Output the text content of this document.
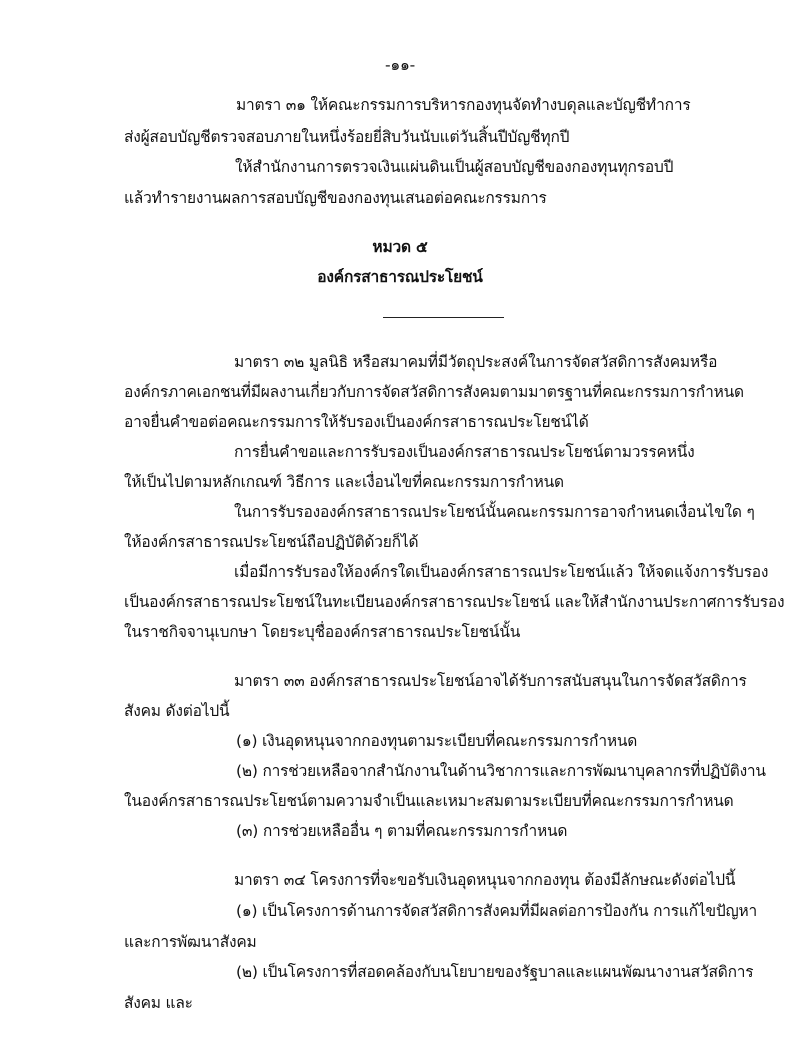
-๑๑-
มาตรา ๓๑ ให้คณะกรรมการบริหารกองทุนจัดทำงบดุลและบัญชีทำการ
ส่งผู้สอบบัญชีตรวจสอบภายในหนึ่งร้อยยี่สิบวันนับแต่วันสิ้นปีบัญชีทุกปี
ให้สำนักงานการตรวจเงินแผ่นดินเป็นผู้สอบบัญชีของกองทุนทุกรอบปี
แล้วทำรายงานผลการสอบบัญชีของกองทุนเสนอต่อคณะกรรมการ
หมวด ๕
องค์กรสาธารณประโยชน์
มาตรา ๓๒ มูลนิธิ หรือสมาคมที่มีวัตถุประสงค์ในการจัดสวัสดิการสังคมหรือ
องค์กรภาคเอกชนที่มีผลงานเกี่ยวกับการจัดสวัสดิการสังคมตามมาตรฐานที่คณะกรรมการกำหนด
อาจยื่นคำขอต่อคณะกรรมการให้รับรองเป็นองค์กรสาธารณประโยชน์ได้
การยื่นคำขอและการรับรองเป็นองค์กรสาธารณประโยชน์ตามวรรคหนึ่ง
ให้เป็นไปตามหลักเกณฑ์ วิธีการ และเงื่อนไขที่คณะกรรมการกำหนด
ในการรับรององค์กรสาธารณประโยชน์นั้นคณะกรรมการอาจกำหนดเงื่อนไขใด ๆ
ให้องค์กรสาธารณประโยชน์ถือปฏิบัติด้วยก็ได้
เมื่อมีการรับรองให้องค์กรใดเป็นองค์กรสาธารณประโยชน์แล้ว ให้จดแจ้งการรับรอง
เป็นองค์กรสาธารณประโยชน์ในทะเบียนองค์กรสาธารณประโยชน์ และให้สำนักงานประกาศการรับรอง
ในราชกิจจานุเบกษา โดยระบุชื่อองค์กรสาธารณประโยชน์นั้น
มาตรา ๓๓ องค์กรสาธารณประโยชน์อาจได้รับการสนับสนุนในการจัดสวัสดิการ
สังคม ดังต่อไปนี้
(๑) เงินอุดหนุนจากกองทุนตามระเบียบที่คณะกรรมการกำหนด
(๒) การช่วยเหลือจากสำนักงานในด้านวิชาการและการพัฒนาบุคลากรที่ปฏิบัติงาน
ในองค์กรสาธารณประโยชน์ตามความจำเป็นและเหมาะสมตามระเบียบที่คณะกรรมการกำหนด
(๓) การช่วยเหลืออื่น ๆ ตามที่คณะกรรมการกำหนด
มาตรา ๓๔ โครงการที่จะขอรับเงินอุดหนุนจากกองทุน ต้องมีลักษณะดังต่อไปนี้
(๑) เป็นโครงการด้านการจัดสวัสดิการสังคมที่มีผลต่อการป้องกัน การแก้ไขปัญหา
และการพัฒนาสังคม
(๒) เป็นโครงการที่สอดคล้องกับนโยบายของรัฐบาลและแผนพัฒนางานสวัสดิการ
สังคม และ
